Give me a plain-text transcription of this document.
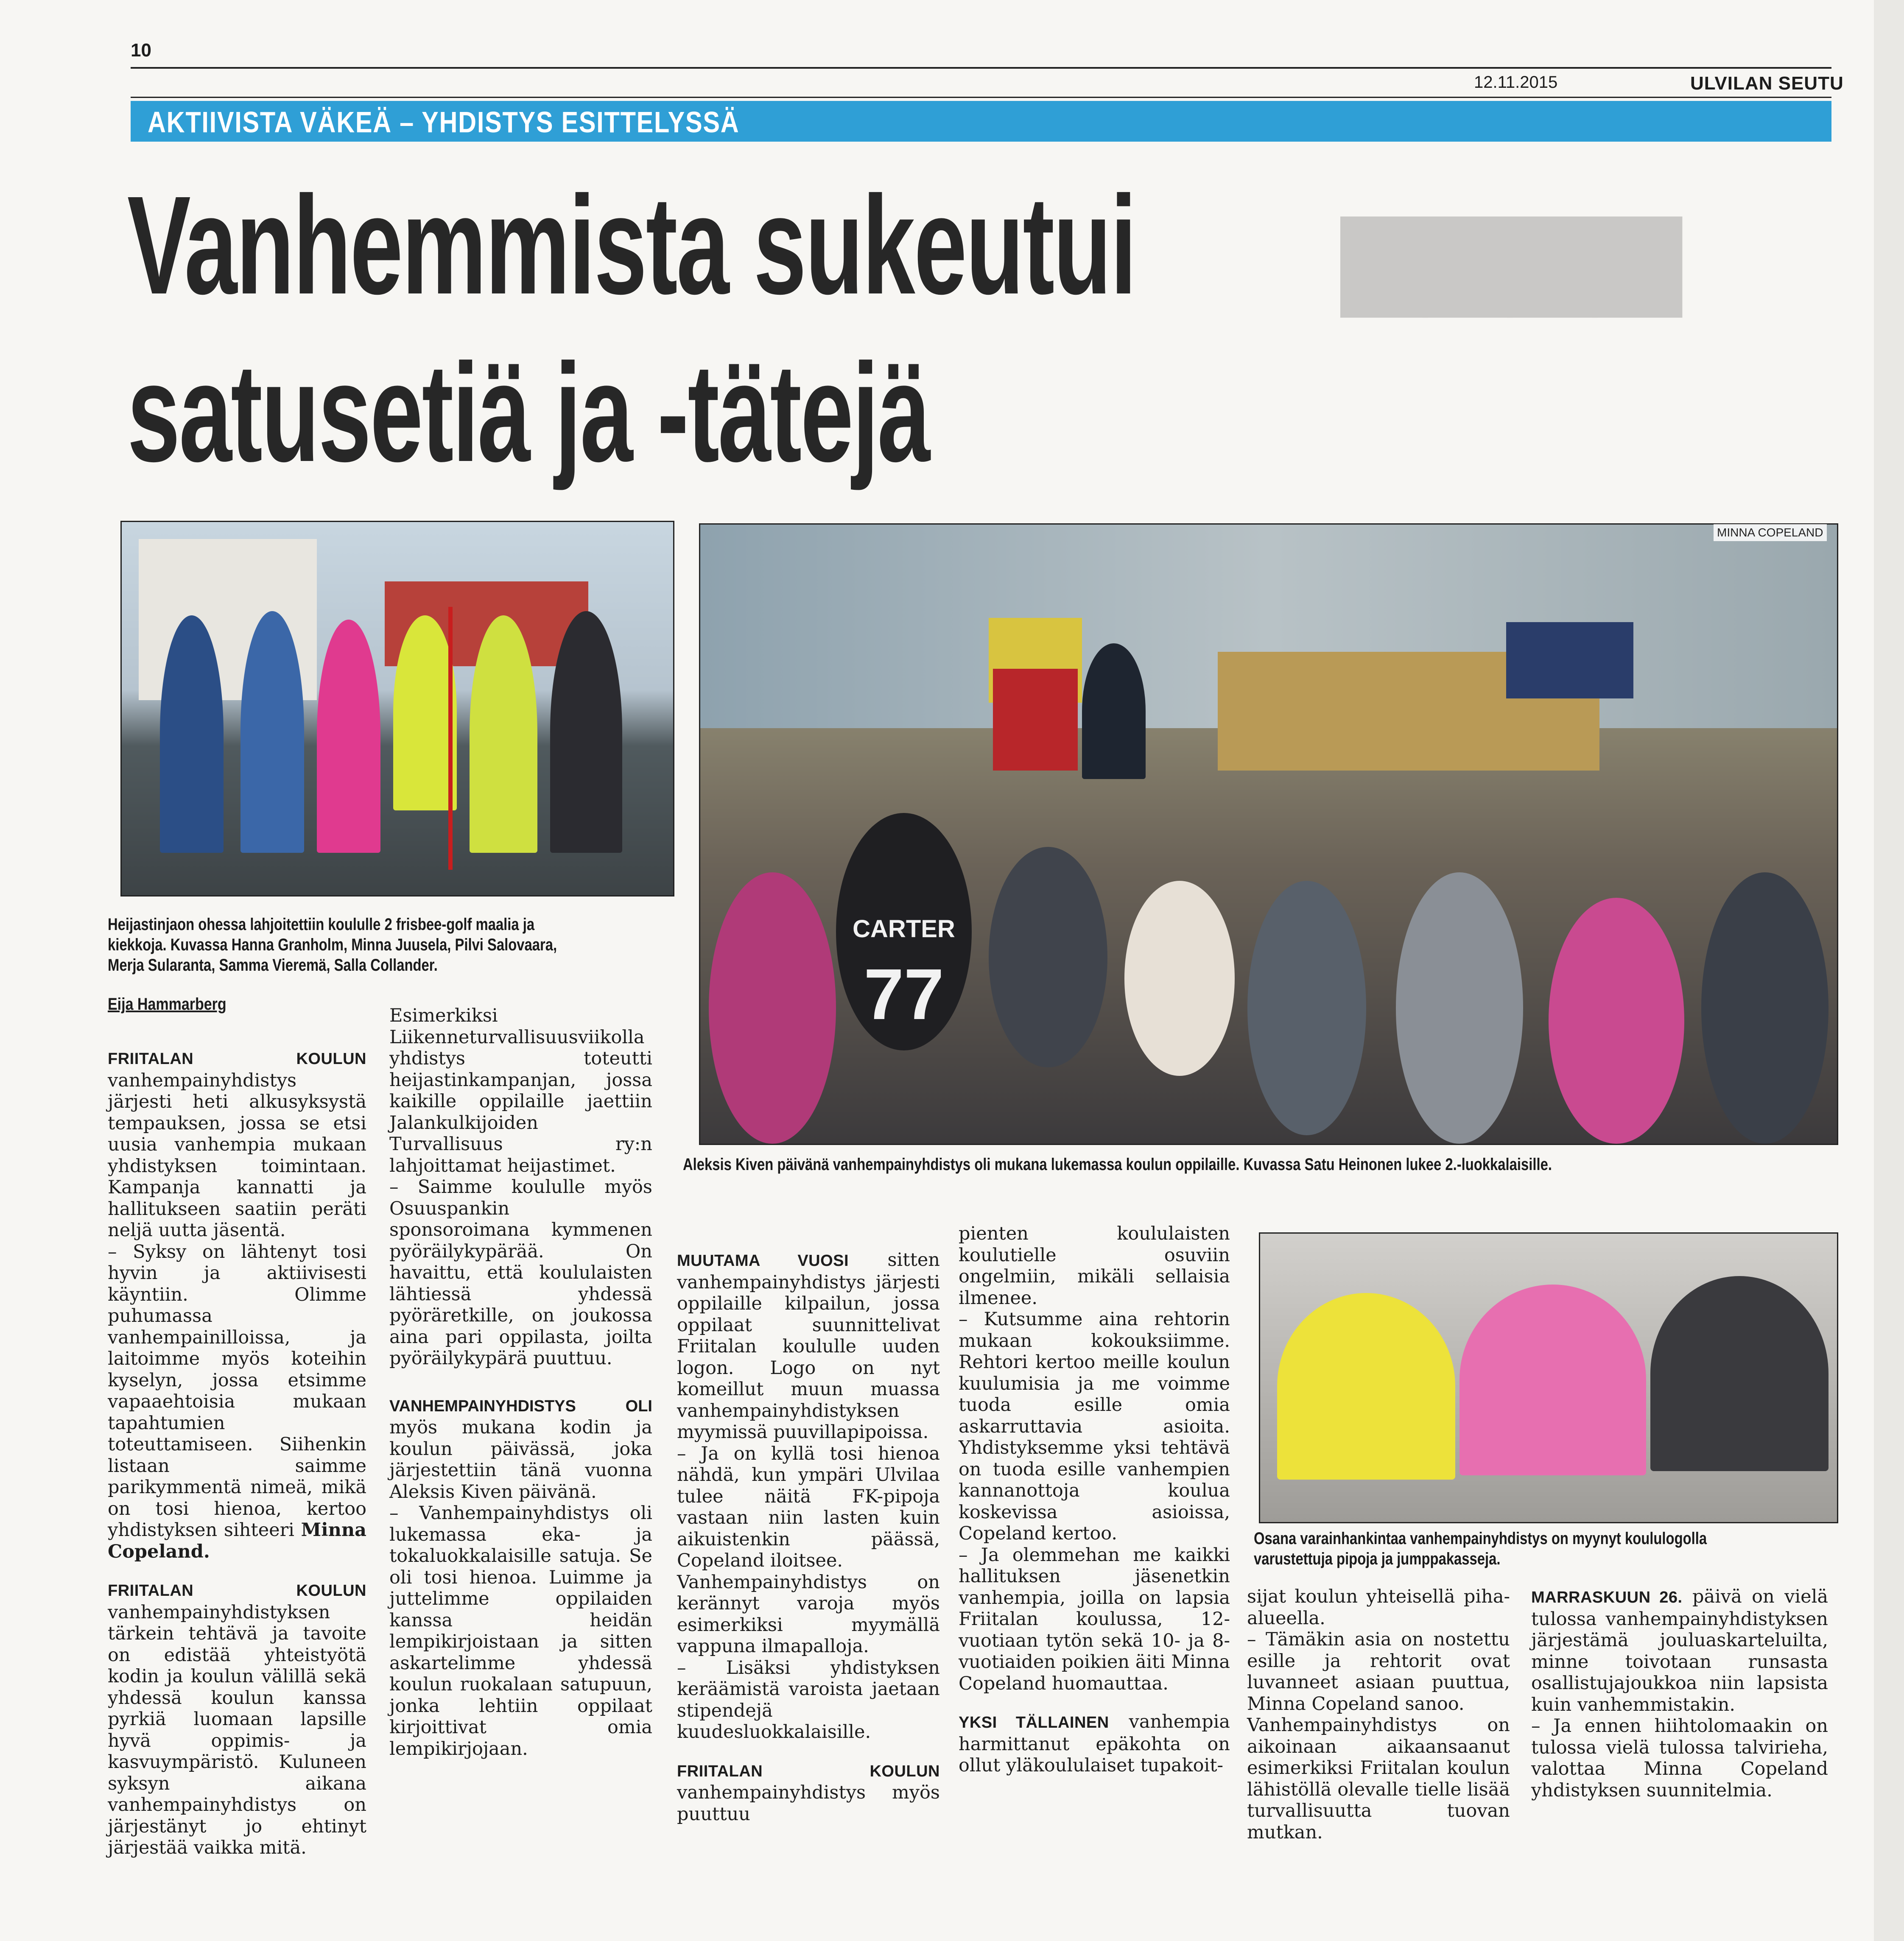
10
12.11.2015	ULVILAN SEUTU
AKTIIVISTA VÄKEÄ – YHDISTYS ESITTELYSSÄ
▆▆▆▆
Vanhemmista sukeutui
satusetiä ja -tätejä
CARTER
77
MINNA COPELAND
Heijastinjaon ohessa lahjoitettiin koululle 2 frisbee-golf maalia ja
kiekkoja. Kuvassa Hanna Granholm, Minna Juusela, Pilvi Salovaara,
Merja Sularanta, Samma Vieremä, Salla Collander.
Aleksis Kiven päivänä vanhempainyhdistys oli mukana lukemassa koulun oppilaille. Kuvassa Satu Heinonen lukee 2.-luokkalaisille.
Osana varainhankintaa vanhempainyhdistys on myynyt koululogolla
varustettuja pipoja ja jumppakasseja.
Eija Hammarberg

FRIITALAN KOULUN vanhempainyhdistys järjesti heti alkusyksystä tempauksen, jossa se etsi uusia vanhempia mukaan yhdistyksen toimintaan. Kampanja kannatti ja hallitukseen saatiin peräti neljä uutta jäsentä.

– Syksy on lähtenyt tosi hyvin ja aktiivisesti käyntiin. Olimme puhumassa vanhempainilloissa, ja laitoimme myös koteihin kyselyn, jossa etsimme vapaaehtoisia mukaan tapahtumien toteuttamiseen. Siihenkin listaan saimme parikymmentä nimeä, mikä on tosi hienoa, kertoo yhdistyksen sihteeri Minna Copeland.

FRIITALAN KOULUN vanhempainyhdistyksen tärkein tehtävä ja tavoite on edistää yhteistyötä kodin ja koulun välillä sekä yhdessä koulun kanssa pyrkiä luomaan lapsille hyvä oppimis- ja kasvuympäristö. Kuluneen syksyn aikana vanhempainyhdistys on järjestänyt jo ehtinyt järjestää vaikka mitä.

Esimerkiksi Liikenneturvallisuusviikolla yhdistys toteutti heijastinkampanjan, jossa kaikille oppilaille jaettiin Jalankulkijoiden Turvallisuus ry:n lahjoittamat heijastimet.

– Saimme koululle myös Osuuspankin sponsoroimana kymmenen pyöräilykypärää. On havaittu, että koululaisten lähtiessä yhdessä pyöräretkille, on joukossa aina pari oppilasta, joilta pyöräilykypärä puuttuu.

VANHEMPAINYHDISTYS OLI myös mukana kodin ja koulun päivässä, joka järjestettiin tänä vuonna Aleksis Kiven päivänä.

– Vanhempainyhdistys oli lukemassa eka- ja tokaluokkalaisille satuja. Se oli tosi hienoa. Luimme ja juttelimme oppilaiden kanssa heidän lempikirjoistaan ja sitten askartelimme yhdessä koulun ruokalaan satupuun, jonka lehtiin oppilaat kirjoittivat omia lempikirjojaan.

MUUTAMA VUOSI sitten vanhempainyhdistys järjesti oppilaille kilpailun, jossa oppilaat suunnittelivat Friitalan koululle uuden logon. Logo on nyt komeillut muun muassa vanhempainyhdistyksen myymissä puuvillapipoissa.

– Ja on kyllä tosi hienoa nähdä, kun ympäri Ulvilaa tulee näitä FK-pipoja vastaan niin lasten kuin aikuistenkin päässä, Copeland iloitsee.

Vanhempainyhdistys on kerännyt varoja myös esimerkiksi myymällä vappuna ilmapalloja.

– Lisäksi yhdistyksen keräämistä varoista jaetaan stipendejä kuudesluokkalaisille.

FRIITALAN KOULUN vanhempainyhdistys myös puuttuu

pienten koululaisten koulutielle osuviin ongelmiin, mikäli sellaisia ilmenee.

– Kutsumme aina rehtorin mukaan kokouksiimme. Rehtori kertoo meille koulun kuulumisia ja me voimme tuoda esille omia askarruttavia asioita. Yhdistyksemme yksi tehtävä on tuoda esille vanhempien kannanottoja koulua koskevissa asioissa, Copeland kertoo.

– Ja olemmehan me kaikki hallituksen jäsenetkin vanhempia, joilla on lapsia Friitalan koulussa, 12-vuotiaan tytön sekä 10- ja 8-vuotiaiden poikien äiti Minna Copeland huomauttaa.

YKSI TÄLLAINEN vanhempia harmittanut epäkohta on ollut yläkoululaiset tupakoit-

sijat koulun yhteisellä piha-alueella.

– Tämäkin asia on nostettu esille ja rehtorit ovat luvanneet asiaan puuttua, Minna Copeland sanoo.

Vanhempainyhdistys on aikoinaan aikaansaanut esimerkiksi Friitalan koulun lähistöllä olevalle tielle lisää turvallisuutta tuovan mutkan.

MARRASKUUN 26. päivä on vielä tulossa vanhempainyhdistyksen järjestämä jouluaskarteluilta, minne toivotaan runsasta osallistujajoukkoa niin lapsista kuin vanhemmistakin.

– Ja ennen hiihtolomaakin on tulossa vielä tulossa talvirieha, valottaa Minna Copeland yhdistyksen suunnitelmia.
